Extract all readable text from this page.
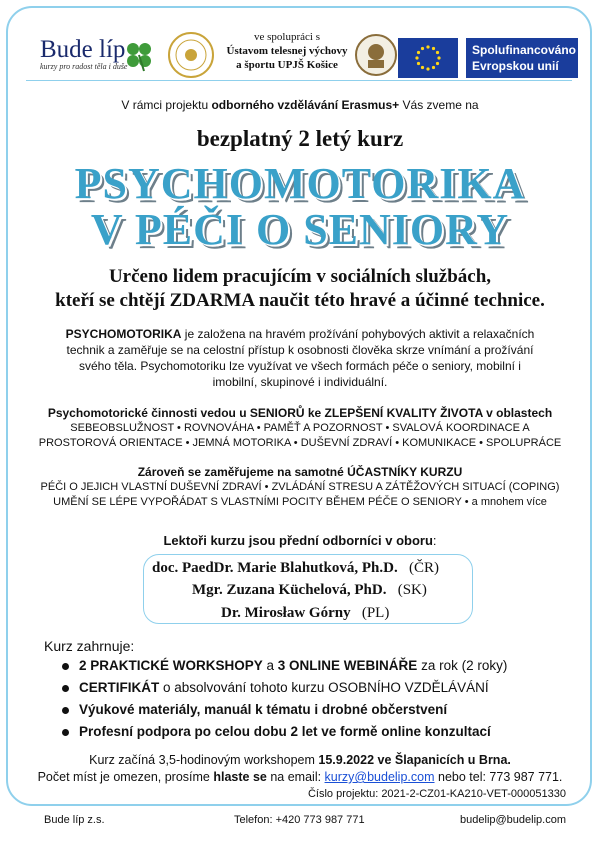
Bude líp
kurzy pro radost těla i duše
ve spolupráci s
Ústavom telesnej výchovy
a športu UPJŠ Košice
Spolufinancováno
Evropskou unií
V rámci projektu odborného vzdělávání Erasmus+ Vás zveme na
bezplatný 2 letý kurz
PSYCHOMOTORIKA
V PÉČI O SENIORY
Určeno lidem pracujícím v sociálních službách,
kteří se chtějí ZDARMA naučit této hravé a účinné technice.
PSYCHOMOTORIKA je založena na hravém prožívání pohybových aktivit a relaxačních technik a zaměřuje se na celostní přístup k osobnosti člověka skrze vnímání a prožívání svého těla. Psychomotoriku lze využívat ve všech formách péče o seniory, mobilní i imobilní, skupinové i individuální.
Psychomotorické činnosti vedou u SENIORŮ ke ZLEPŠENÍ KVALITY ŽIVOTA v oblastech
SEBEOBSLUŽNOST • ROVNOVÁHA • PAMĚŤ A POZORNOST • SVALOVÁ KOORDINACE A
PROSTOROVÁ ORIENTACE • JEMNÁ MOTORIKA • DUŠEVNÍ ZDRAVÍ • KOMUNIKACE • SPOLUPRÁCE
Zároveň se zaměřujeme na samotné ÚČASTNÍKY KURZU
PÉČI O JEJICH VLASTNÍ DUŠEVNÍ ZDRAVÍ • ZVLÁDÁNÍ STRESU A ZÁTĚŽOVÝCH SITUACÍ (COPING)
UMĚNÍ SE LÉPE VYPOŘÁDAT S VLASTNÍMI POCITY BĚHEM PÉČE O SENIORY • a mnohem více
Lektoři kurzu jsou přední odborníci v oboru:
doc. PaedDr. Marie Blahutková, Ph.D. (ČR)
Mgr. Zuzana Küchelová, PhD. (SK)
Dr. Mirosław Górny (PL)
Kurz zahrnuje:
2 PRAKTICKÉ WORKSHOPY a 3 ONLINE WEBINÁŘE za rok (2 roky)
CERTIFIKÁT o absolvování tohoto kurzu OSOBNÍHO VZDĚLÁVÁNÍ
Výukové materiály, manuál k tématu i drobné občerstvení
Profesní podpora po celou dobu 2 let ve formě online konzultací
Kurz začíná 3,5-hodinovým workshopem 15.9.2022 ve Šlapanicích u Brna.
Počet míst je omezen, prosíme hlaste se na email: kurzy@budelip.com nebo tel: 773 987 771.
Číslo projektu: 2021-2-CZ01-KA210-VET-000051330
Bude líp z.s.	Telefon: +420 773 987 771	budelip@budelip.com
